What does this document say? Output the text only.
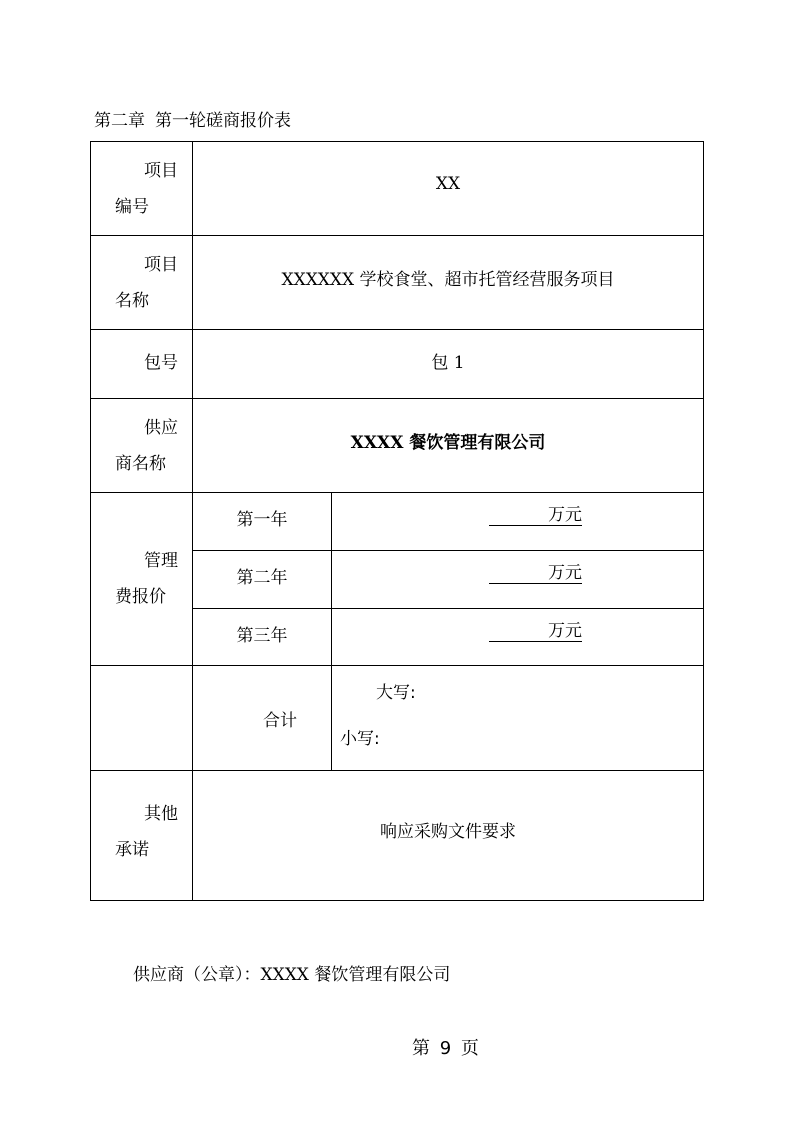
第二章 第一轮磋商报价表
项目
编号	XX	

项目
名称	XXXXXX 学校食堂、超市托管经营服务项目	
包号	包 1	

供应
商名称	XXXX 餐饮管理有限公司	

管理
费报价	第一年	万元

	第二年	万元

	第三年	万元

	合计	大写:
小写:

其他
承诺	响应采购文件要求	
供应商（公章）：XXXX 餐饮管理有限公司
第 9 页
